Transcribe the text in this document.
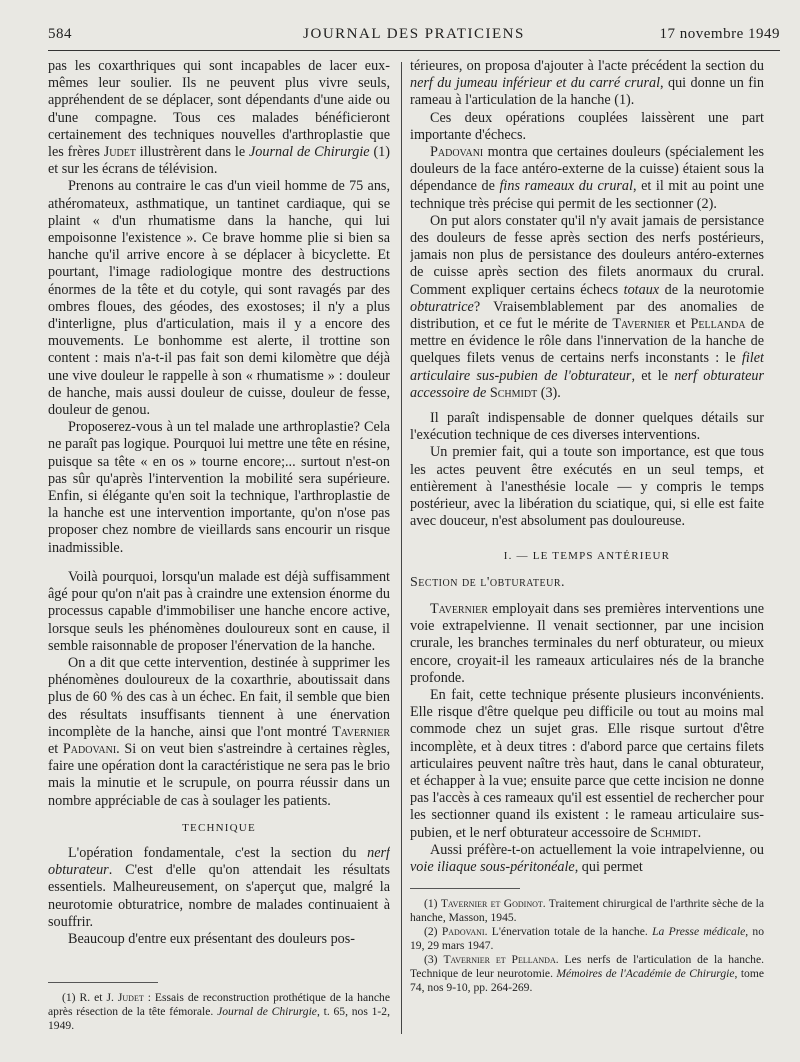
584	JOURNAL DES PRATICIENS	17 novembre 1949

pas les coxarthriques qui sont incapables de lacer eux-mêmes leur soulier. Ils ne peuvent plus vivre seuls, appréhendent de se déplacer, sont dépendants d'une aide ou d'une compagne. Tous ces malades bénéficieront certainement des techniques nouvelles d'arthroplastie que les frères Judet illustrèrent dans le Journal de Chirurgie (1) et sur les écrans de télévision.

Prenons au contraire le cas d'un vieil homme de 75 ans, athéromateux, asthmatique, un tantinet cardiaque, qui se plaint « d'un rhumatisme dans la hanche, qui lui empoisonne l'existence ». Ce brave homme plie si bien sa hanche qu'il arrive encore à se déplacer à bicyclette. Et pourtant, l'image radiologique montre des destructions énormes de la tête et du cotyle, qui sont ravagés par des ombres floues, des géodes, des exostoses; il n'y a plus d'interligne, plus d'articulation, mais il y a encore des mouvements. Le bonhomme est alerte, il trottine son content : mais n'a-t-il pas fait son demi kilomètre que déjà une vive douleur le rappelle à son « rhumatisme » : douleur de hanche, mais aussi douleur de cuisse, douleur de fesse, douleur de genou.

Proposerez-vous à un tel malade une arthroplastie? Cela ne paraît pas logique. Pourquoi lui mettre une tête en résine, puisque sa tête « en os » tourne encore;... surtout n'est-on pas sûr qu'après l'intervention la mobilité sera supérieure. Enfin, si élégante qu'en soit la technique, l'arthroplastie de la hanche est une intervention importante, qu'on n'ose pas proposer chez nombre de vieillards sans encourir un risque inadmissible.

Voilà pourquoi, lorsqu'un malade est déjà suffisamment âgé pour qu'on n'ait pas à craindre une extension énorme du processus capable d'immobiliser une hanche encore active, lorsque seuls les phénomènes douloureux sont en cause, il semble raisonnable de proposer l'énervation de la hanche.

On a dit que cette intervention, destinée à supprimer les phénomènes douloureux de la coxarthrie, aboutissait dans plus de 60 % des cas à un échec. En fait, il semble que bien des résultats insuffisants tiennent à une énervation incomplète de la hanche, ainsi que l'ont montré Tavernier et Padovani. Si on veut bien s'astreindre à certaines règles, faire une opération dont la caractéristique ne sera pas le brio mais la minutie et le scrupule, on pourra réussir dans un nombre appréciable de cas à soulager les patients.

TECHNIQUE

L'opération fondamentale, c'est la section du nerf obturateur. C'est d'elle qu'on attendait les résultats essentiels. Malheureusement, on s'aperçut que, malgré la neurotomie obturatrice, nombre de malades continuaient à souffrir.

Beaucoup d'entre eux présentant des douleurs pos-

(1) R. et J. Judet : Essais de reconstruction prothétique de la hanche après résection de la tête fémorale. Journal de Chirurgie, t. 65, nos 1-2, 1949.

térieures, on proposa d'ajouter à l'acte précédent la section du nerf du jumeau inférieur et du carré crural, qui donne un fin rameau à l'articulation de la hanche (1).

Ces deux opérations couplées laissèrent une part importante d'échecs.

Padovani montra que certaines douleurs (spécialement les douleurs de la face antéro-externe de la cuisse) étaient sous la dépendance de fins rameaux du crural, et il mit au point une technique très précise qui permit de les sectionner (2).

On put alors constater qu'il n'y avait jamais de persistance des douleurs de fesse après section des nerfs postérieurs, jamais non plus de persistance des douleurs antéro-externes de cuisse après section des filets anormaux du crural. Comment expliquer certains échecs totaux de la neurotomie obturatrice? Vraisemblablement par des anomalies de distribution, et ce fut le mérite de Tavernier et Pellanda de mettre en évidence le rôle dans l'innervation de la hanche de quelques filets venus de certains nerfs inconstants : le filet articulaire sus-pubien de l'obturateur, et le nerf obturateur accessoire de Schmidt (3).

Il paraît indispensable de donner quelques détails sur l'exécution technique de ces diverses interventions.

Un premier fait, qui a toute son importance, est que tous les actes peuvent être exécutés en un seul temps, et entièrement à l'anesthésie locale — y compris le temps postérieur, avec la libération du sciatique, qui, si elle est faite avec douceur, n'est absolument pas douloureuse.

I. — LE TEMPS ANTÉRIEUR
Section de l'obturateur.

Tavernier employait dans ses premières interventions une voie extrapelvienne. Il venait sectionner, par une incision crurale, les branches terminales du nerf obturateur, ou mieux encore, croyait-il les rameaux articulaires nés de la branche profonde.

En fait, cette technique présente plusieurs inconvénients. Elle risque d'être quelque peu difficile ou tout au moins mal commode chez un sujet gras. Elle risque surtout d'être incomplète, et à deux titres : d'abord parce que certains filets articulaires peuvent naître très haut, dans le canal obturateur, et échapper à la vue; ensuite parce que cette incision ne donne pas l'accès à ces rameaux qu'il est essentiel de rechercher pour les sectionner quand ils existent : le rameau articulaire sus-pubien, et le nerf obturateur accessoire de Schmidt.

Aussi préfère-t-on actuellement la voie intrapelvienne, ou voie iliaque sous-péritonéale, qui permet

(1) Tavernier et Godinot. Traitement chirurgical de l'arthrite sèche de la hanche, Masson, 1945.
(2) Padovani. L'énervation totale de la hanche. La Presse médicale, no 19, 29 mars 1947.
(3) Tavernier et Pellanda. Les nerfs de l'articulation de la hanche. Technique de leur neurotomie. Mémoires de l'Académie de Chirurgie, tome 74, nos 9-10, pp. 264-269.
